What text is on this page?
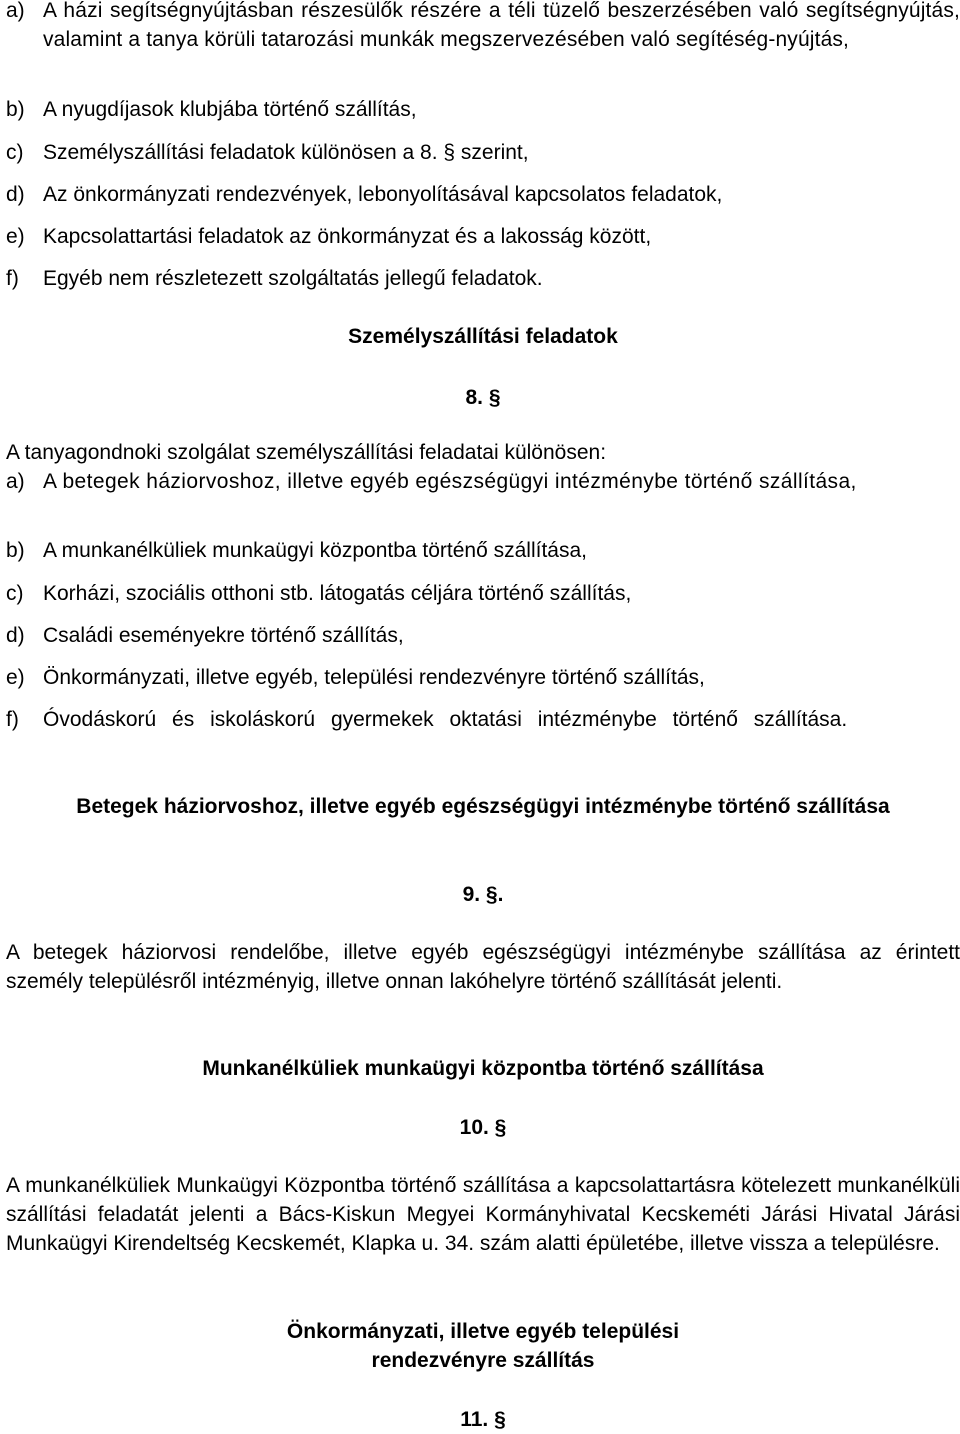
a) A házi segítségnyújtásban részesülők részére a téli tüzelő beszerzésében való segítségnyújtás, valamint a tanya körüli tatarozási munkák megszervezésében való segítéség-nyújtás,
b) A nyugdíjasok klubjába történő szállítás,
c) Személyszállítási feladatok különösen a 8. § szerint,
d) Az önkormányzati rendezvények, lebonyolításával kapcsolatos feladatok,
e) Kapcsolattartási feladatok az önkormányzat és a lakosság között,
f)	Egyéb nem részletezett szolgáltatás jellegű feladatok.
Személyszállítási feladatok
8. §
A tanyagondnoki szolgálat személyszállítási feladatai különösen:
a) A betegek háziorvoshoz, illetve egyéb egészségügyi intézménybe történő szállítása,
b) A munkanélküliek munkaügyi központba történő szállítása,
c) Korházi, szociális otthoni stb. látogatás céljára történő szállítás,
d) Családi eseményekre történő szállítás,
e) Önkormányzati, illetve egyéb, települési rendezvényre történő szállítás,
f)	Óvodáskorú és iskoláskorú gyermekek oktatási intézménybe történő szállítása.
Betegek háziorvoshoz, illetve egyéb egészségügyi intézménybe történő szállítása
9. §.
A betegek háziorvosi rendelőbe, illetve egyéb egészségügyi intézménybe szállítása az érintett személy településről intézményig, illetve onnan lakóhelyre történő szállítását jelenti.
Munkanélküliek munkaügyi központba történő szállítása
10. §
A munkanélküliek Munkaügyi Központba történő szállítása a kapcsolattartásra kötelezett munkanélküli szállítási feladatát jelenti a Bács-Kiskun Megyei Kormányhivatal Kecskeméti Járási Hivatal Járási Munkaügyi Kirendeltség Kecskemét, Klapka u. 34. szám alatti épületébe, illetve vissza a településre.
Önkormányzati, illetve egyéb települési
rendezvényre szállítás
11. §
